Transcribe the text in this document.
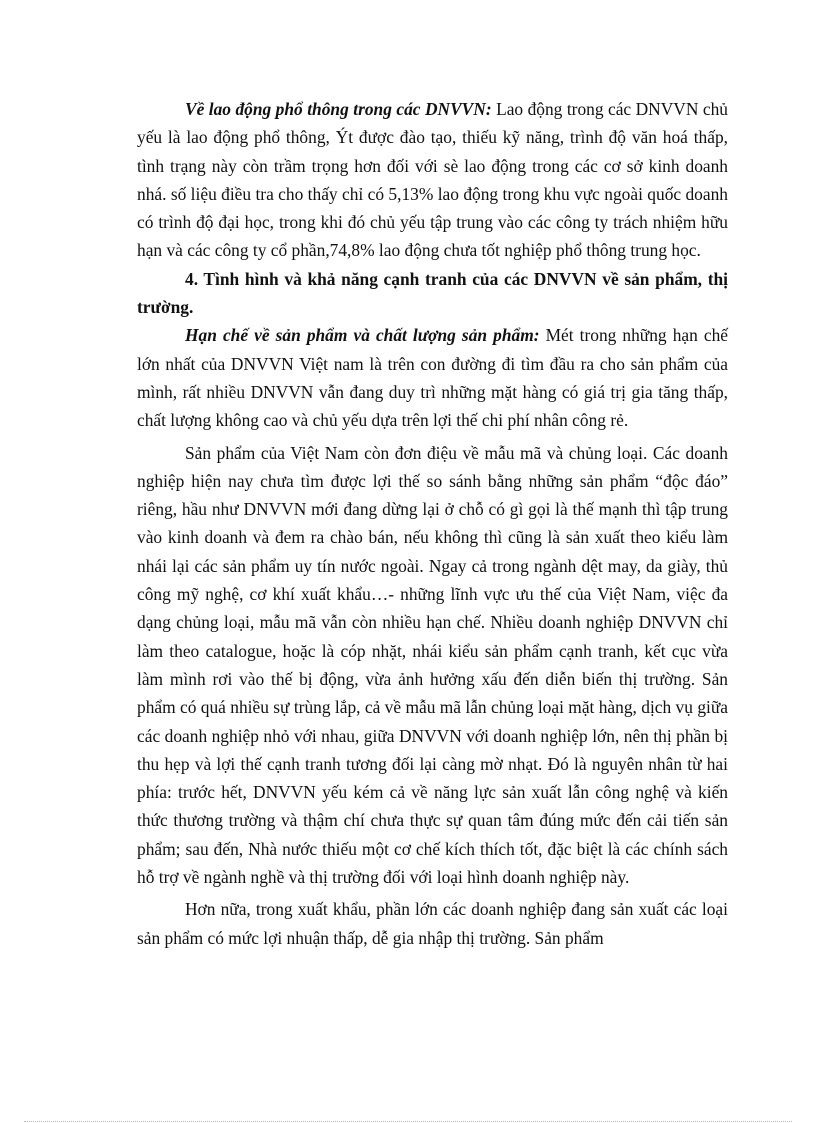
Về lao động phổ thông trong các DNVVN: Lao động trong các DNVVN chủ yếu là lao động phổ thông, Ýt được đào tạo, thiếu kỹ năng, trình độ văn hoá thấp, tình trạng này còn trầm trọng hơn đối với sè lao động trong các cơ sở kinh doanh nhá. số liệu điều tra cho thấy chỉ có 5,13% lao động trong khu vực ngoài quốc doanh có trình độ đại học, trong khi đó chủ yếu tập trung vào các công ty trách nhiệm hữu hạn và các công ty cổ phần,74,8% lao động chưa tốt nghiệp phổ thông trung học.

4. Tình hình và khả năng cạnh tranh của các DNVVN về sản phẩm, thị trường.

Hạn chế về sản phẩm và chất lượng sản phẩm: Mét trong những hạn chế lớn nhất của DNVVN Việt nam là trên con đường đi tìm đầu ra cho sản phẩm của mình, rất nhiều DNVVN vẫn đang duy trì những mặt hàng có giá trị gia tăng thấp, chất lượng không cao và chủ yếu dựa trên lợi thế chi phí nhân công rẻ.

Sản phẩm của Việt Nam còn đơn điệu về mẫu mã và chủng loại. Các doanh nghiệp hiện nay chưa tìm được lợi thế so sánh bằng những sản phẩm “độc đáo” riêng, hầu như DNVVN mới đang dừng lại ở chỗ có gì gọi là thế mạnh thì tập trung vào kinh doanh và đem ra chào bán, nếu không thì cũng là sản xuất theo kiểu làm nhái lại các sản phẩm uy tín nước ngoài. Ngay cả trong ngành dệt may, da giày, thủ công mỹ nghệ, cơ khí xuất khẩu…- những lĩnh vực ưu thế của Việt Nam, việc đa dạng chủng loại, mẫu mã vẫn còn nhiều hạn chế. Nhiều doanh nghiệp DNVVN chỉ làm theo catalogue, hoặc là cóp nhặt, nhái kiểu sản phẩm cạnh tranh, kết cục vừa làm mình rơi vào thế bị động, vừa ảnh hưởng xấu đến diễn biến thị trường. Sản phẩm có quá nhiều sự trùng lắp, cả về mẫu mã lẫn chủng loại mặt hàng, dịch vụ giữa các doanh nghiệp nhỏ với nhau, giữa DNVVN với doanh nghiệp lớn, nên thị phần bị thu hẹp và lợi thế cạnh tranh tương đối lại càng mờ nhạt. Đó là nguyên nhân từ hai phía: trước hết, DNVVN yếu kém cả về năng lực sản xuất lẫn công nghệ và kiến thức thương trường và thậm chí chưa thực sự quan tâm đúng mức đến cải tiến sản phẩm; sau đến, Nhà nước thiếu một cơ chế kích thích tốt, đặc biệt là các chính sách hỗ trợ về ngành nghề và thị trường đối với loại hình doanh nghiệp này.

Hơn nữa, trong xuất khẩu, phần lớn các doanh nghiệp đang sản xuất các loại sản phẩm có mức lợi nhuận thấp, dễ gia nhập thị trường. Sản phẩm
